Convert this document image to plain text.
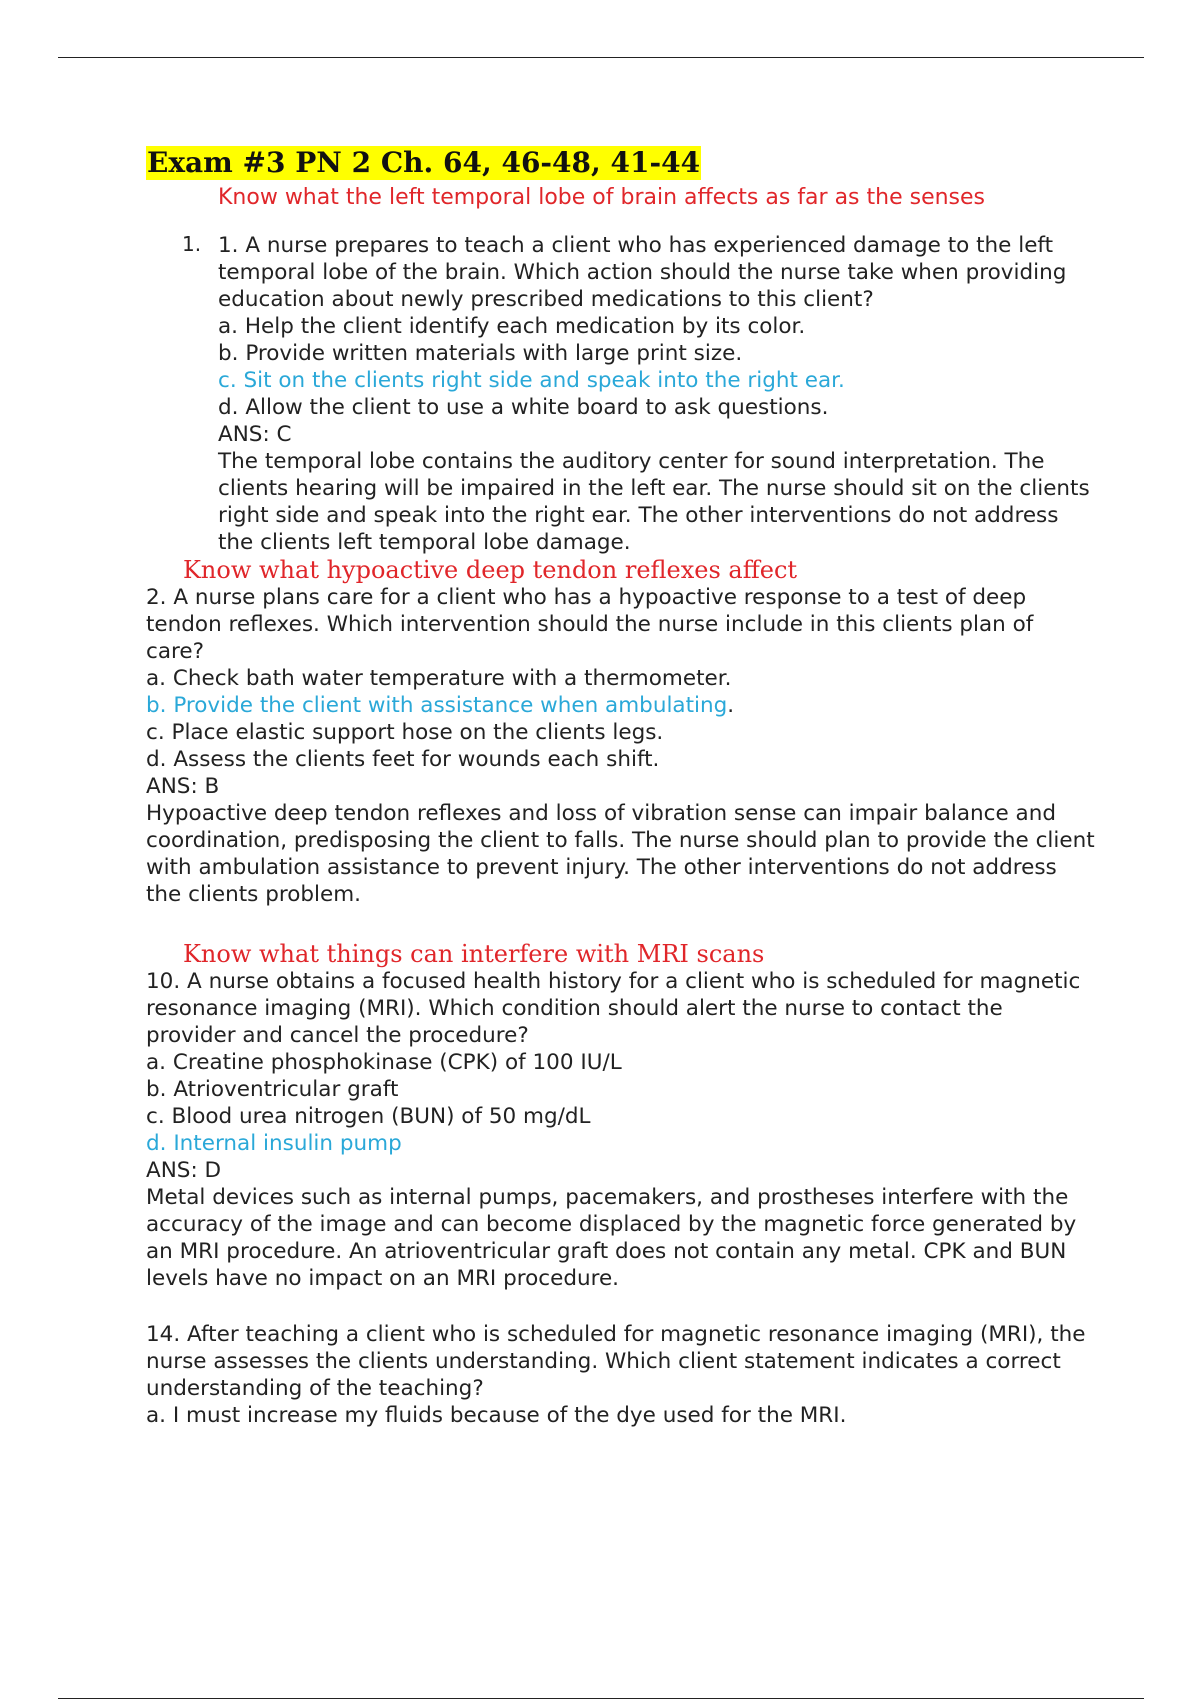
Exam #3 PN 2 Ch. 64, 46-48, 41-44

Know what the left temporal lobe of brain affects as far as the senses

1. 1. A nurse prepares to teach a client who has experienced damage to the left temporal lobe of the brain. Which action should the nurse take when providing education about newly prescribed medications to this client?

a. Help the client identify each medication by its color.

b. Provide written materials with large print size.

c. Sit on the clients right side and speak into the right ear.

d. Allow the client to use a white board to ask questions.

ANS: C

The temporal lobe contains the auditory center for sound interpretation. The clients hearing will be impaired in the left ear. The nurse should sit on the clients right side and speak into the right ear. The other interventions do not address the clients left temporal lobe damage.

Know what hypoactive deep tendon reflexes affect

2. A nurse plans care for a client who has a hypoactive response to a test of deep tendon reflexes. Which intervention should the nurse include in this clients plan of care?

a. Check bath water temperature with a thermometer.

b. Provide the client with assistance when ambulating.

c. Place elastic support hose on the clients legs.

d. Assess the clients feet for wounds each shift.

ANS: B

Hypoactive deep tendon reflexes and loss of vibration sense can impair balance and coordination, predisposing the client to falls. The nurse should plan to provide the client with ambulation assistance to prevent injury. The other interventions do not address the clients problem.

Know what things can interfere with MRI scans

10. A nurse obtains a focused health history for a client who is scheduled for magnetic resonance imaging (MRI). Which condition should alert the nurse to contact the provider and cancel the procedure?

a. Creatine phosphokinase (CPK) of 100 IU/L

b. Atrioventricular graft

c. Blood urea nitrogen (BUN) of 50 mg/dL

d. Internal insulin pump

ANS: D

Metal devices such as internal pumps, pacemakers, and prostheses interfere with the accuracy of the image and can become displaced by the magnetic force generated by an MRI procedure. An atrioventricular graft does not contain any metal. CPK and BUN levels have no impact on an MRI procedure.

14. After teaching a client who is scheduled for magnetic resonance imaging (MRI), the nurse assesses the clients understanding. Which client statement indicates a correct understanding of the teaching?

a. I must increase my fluids because of the dye used for the MRI.
